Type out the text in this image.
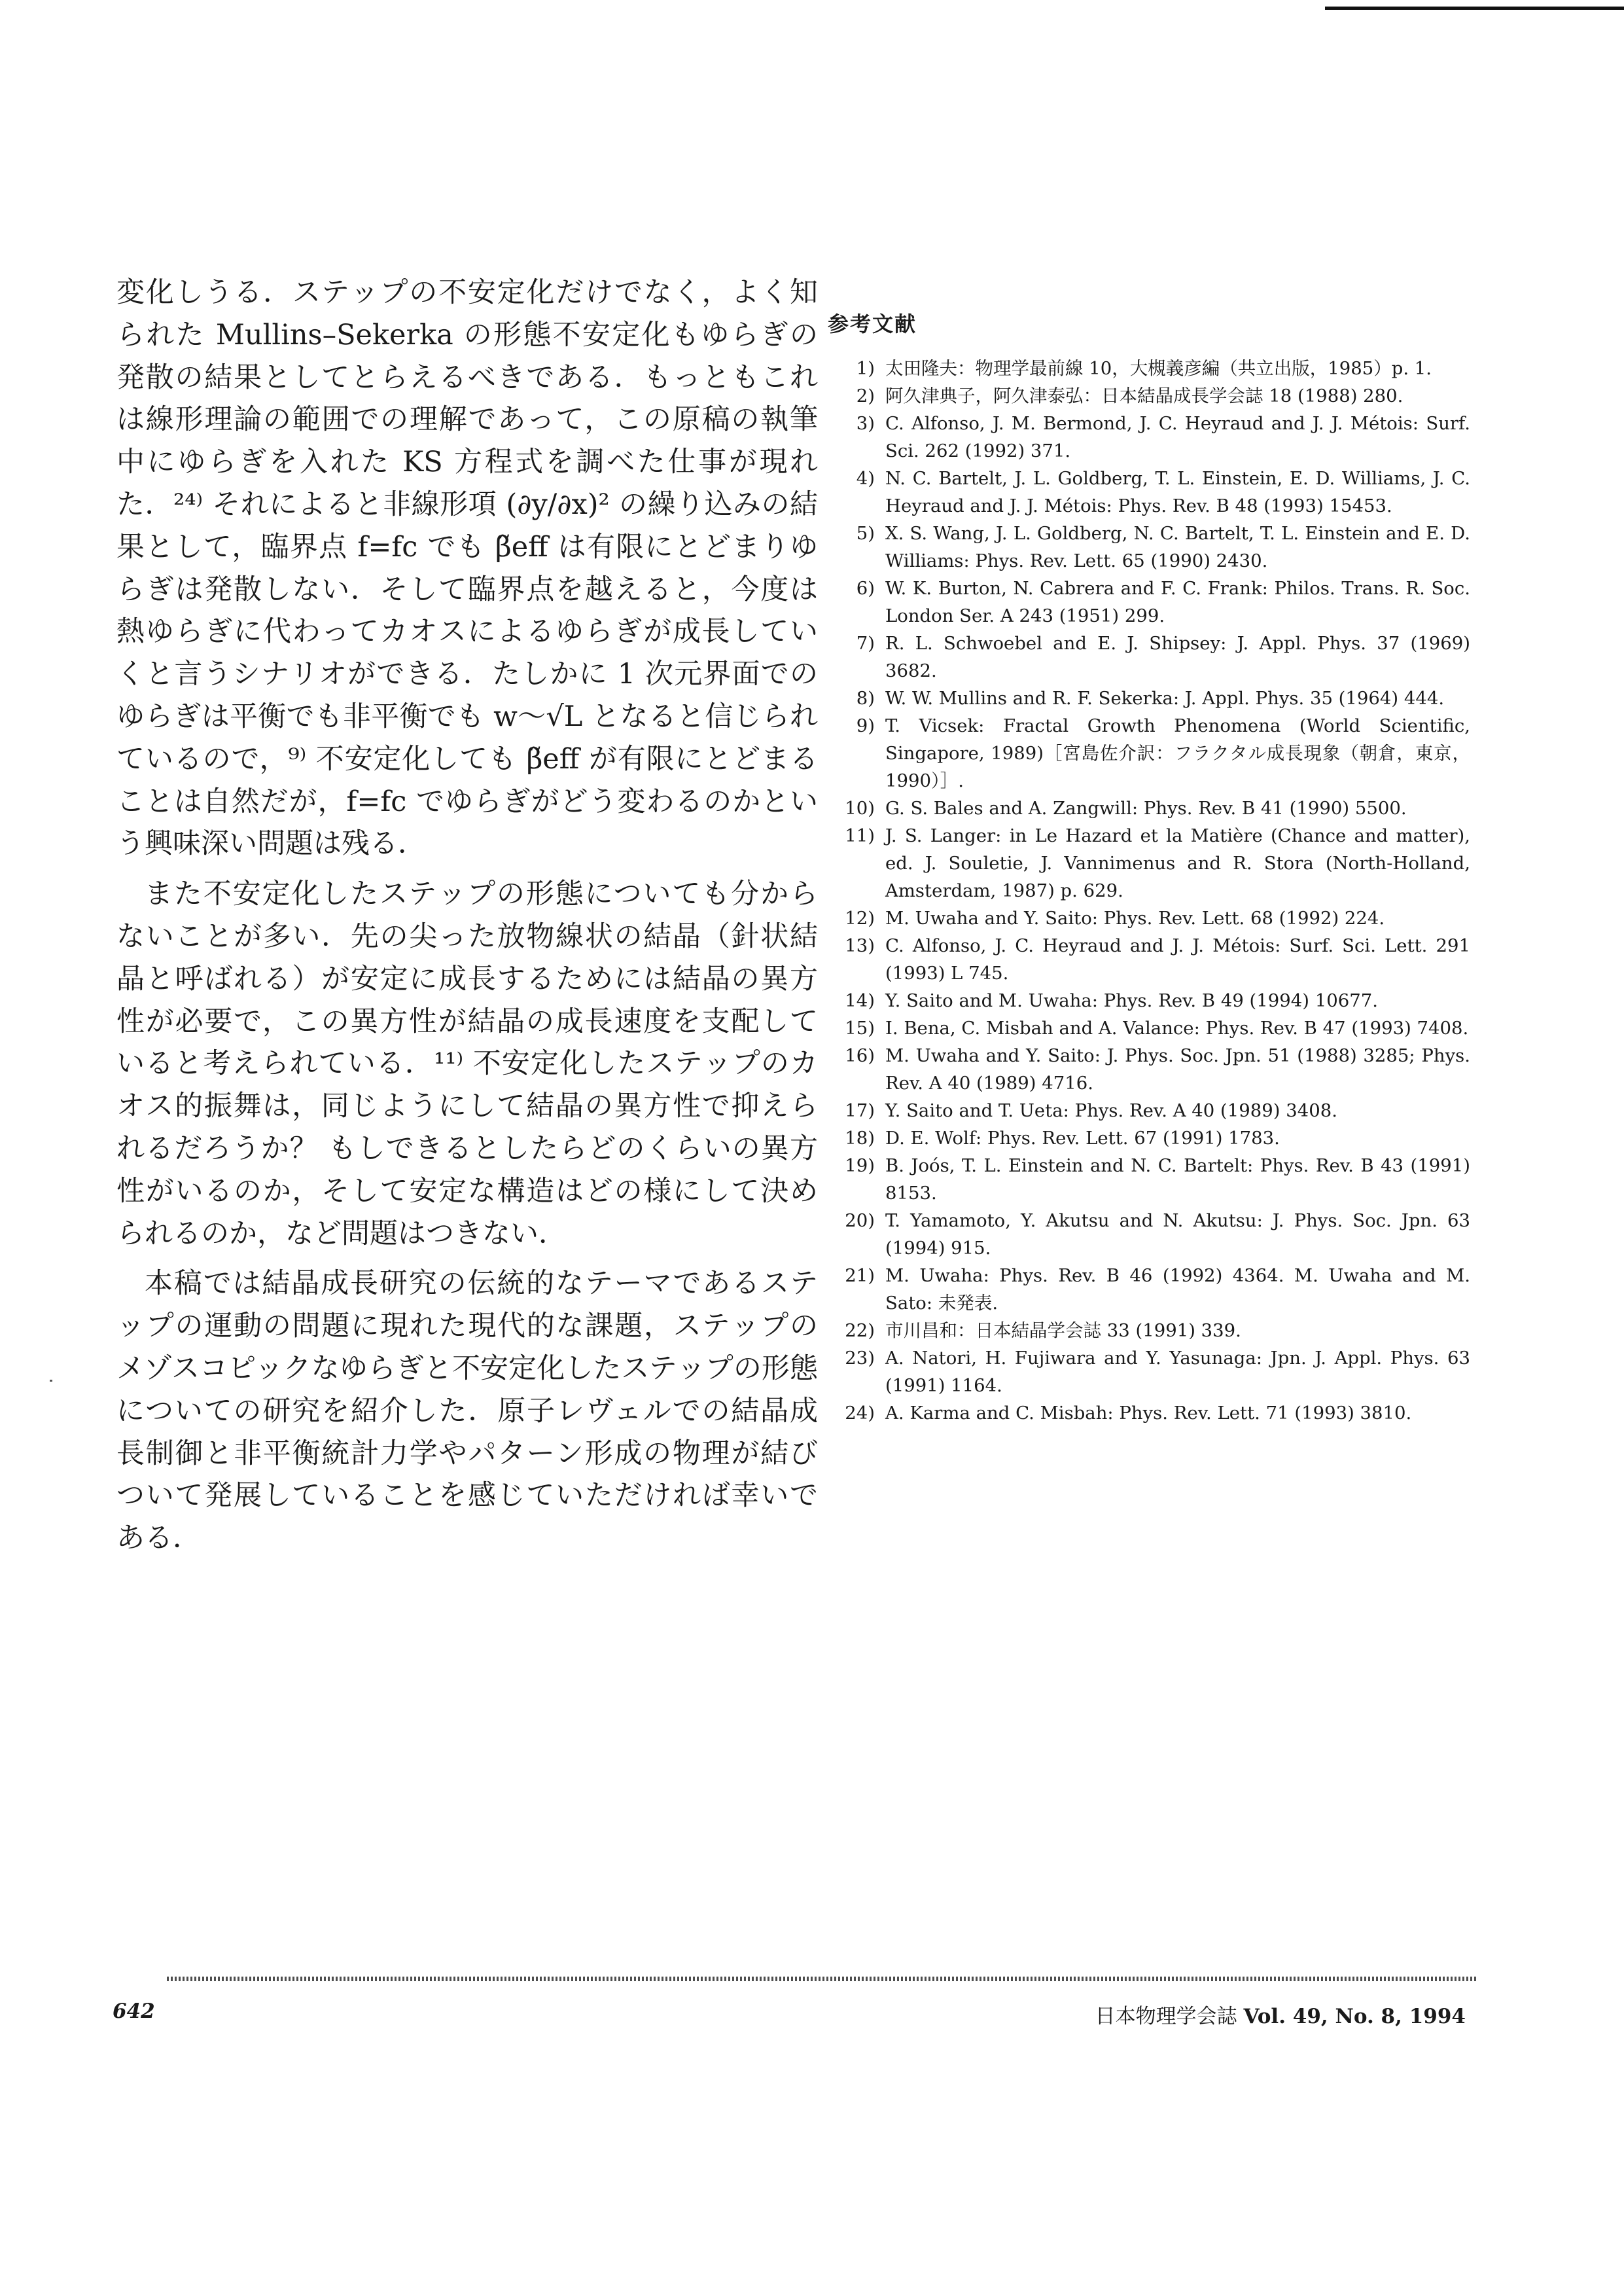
変化しうる．ステップの不安定化だけでなく，よく知られた Mullins–Sekerka の形態不安定化もゆらぎの発散の結果としてとらえるべきである．もっともこれは線形理論の範囲での理解であって，この原稿の執筆中にゆらぎを入れた KS 方程式を調べた仕事が現れた．²⁴⁾ それによると非線形項 (∂y/∂x)² の繰り込みの結果として，臨界点 f=fc でも β̃eff は有限にとどまりゆらぎは発散しない．そして臨界点を越えると，今度は熱ゆらぎに代わってカオスによるゆらぎが成長していくと言うシナリオができる．たしかに 1 次元界面でのゆらぎは平衡でも非平衡でも w〜√L となると信じられているので，⁹⁾ 不安定化しても β̃eff が有限にとどまることは自然だが，f=fc でゆらぎがどう変わるのかという興味深い問題は残る．

また不安定化したステップの形態についても分からないことが多い．先の尖った放物線状の結晶（針状結晶と呼ばれる）が安定に成長するためには結晶の異方性が必要で，この異方性が結晶の成長速度を支配していると考えられている．¹¹⁾ 不安定化したステップのカオス的振舞は，同じようにして結晶の異方性で抑えられるだろうか？ もしできるとしたらどのくらいの異方性がいるのか，そして安定な構造はどの様にして決められるのか，など問題はつきない．

本稿では結晶成長研究の伝統的なテーマであるステップの運動の問題に現れた現代的な課題，ステップのメゾスコピックなゆらぎと不安定化したステップの形態についての研究を紹介した．原子レヴェルでの結晶成長制御と非平衡統計力学やパターン形成の物理が結びついて発展していることを感じていただければ幸いである．

参考文献
1) 太田隆夫：物理学最前線 10，大槻義彦編（共立出版，1985）p. 1.
2) 阿久津典子，阿久津泰弘：日本結晶成長学会誌 18 (1988) 280.
3) C. Alfonso, J. M. Bermond, J. C. Heyraud and J. J. Métois: Surf. Sci. 262 (1992) 371.
4) N. C. Bartelt, J. L. Goldberg, T. L. Einstein, E. D. Williams, J. C. Heyraud and J. J. Métois: Phys. Rev. B 48 (1993) 15453.
5) X. S. Wang, J. L. Goldberg, N. C. Bartelt, T. L. Einstein and E. D. Williams: Phys. Rev. Lett. 65 (1990) 2430.
6) W. K. Burton, N. Cabrera and F. C. Frank: Philos. Trans. R. Soc. London Ser. A 243 (1951) 299.
7) R. L. Schwoebel and E. J. Shipsey: J. Appl. Phys. 37 (1969) 3682.
8) W. W. Mullins and R. F. Sekerka: J. Appl. Phys. 35 (1964) 444.
9) T. Vicsek: Fractal Growth Phenomena (World Scientific, Singapore, 1989)［宮島佐介訳：フラクタル成長現象（朝倉，東京，1990）］.
10) G. S. Bales and A. Zangwill: Phys. Rev. B 41 (1990) 5500.
11) J. S. Langer: in Le Hazard et la Matière (Chance and matter), ed. J. Souletie, J. Vannimenus and R. Stora (North-Holland, Amsterdam, 1987) p. 629.
12) M. Uwaha and Y. Saito: Phys. Rev. Lett. 68 (1992) 224.
13) C. Alfonso, J. C. Heyraud and J. J. Métois: Surf. Sci. Lett. 291 (1993) L 745.
14) Y. Saito and M. Uwaha: Phys. Rev. B 49 (1994) 10677.
15) I. Bena, C. Misbah and A. Valance: Phys. Rev. B 47 (1993) 7408.
16) M. Uwaha and Y. Saito: J. Phys. Soc. Jpn. 51 (1988) 3285; Phys. Rev. A 40 (1989) 4716.
17) Y. Saito and T. Ueta: Phys. Rev. A 40 (1989) 3408.
18) D. E. Wolf: Phys. Rev. Lett. 67 (1991) 1783.
19) B. Joós, T. L. Einstein and N. C. Bartelt: Phys. Rev. B 43 (1991) 8153.
20) T. Yamamoto, Y. Akutsu and N. Akutsu: J. Phys. Soc. Jpn. 63 (1994) 915.
21) M. Uwaha: Phys. Rev. B 46 (1992) 4364. M. Uwaha and M. Sato: 未発表.
22) 市川昌和：日本結晶学会誌 33 (1991) 339.
23) A. Natori, H. Fujiwara and Y. Yasunaga: Jpn. J. Appl. Phys. 63 (1991) 1164.
24) A. Karma and C. Misbah: Phys. Rev. Lett. 71 (1993) 3810.
642	日本物理学会誌 Vol. 49, No. 8, 1994
